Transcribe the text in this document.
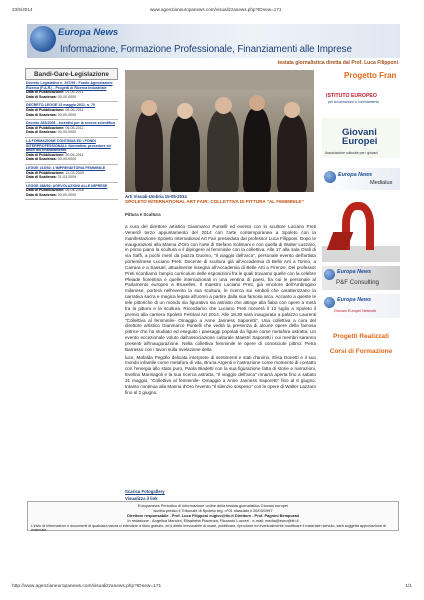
23/5/2014	www.agenzianeuropanews.com/visualizzanews.php?IDnew=171
Europa News
Informazione, Formazione Professionale, Finanziamenti alle Imprese
testata giornalistica diretta dal Prof. Luca Filipponi
Bandi-Gare-Legislazione
Decreto Legislativo n. 297/99 - Fondo Agevolazioni Ricerca (F.A.R.) - Progetti di Ricerca Industriale
Data di Pubblicazione: 09-06-2011
Data di Scadenza: 00-00-0000
DECRETO-LEGGE 13 maggio 2011, n. 70
Data di Pubblicazione: 06-06-2011
Data di Scadenza: 00-00-0000
Decreto 283/2008 - Incentivi per la ricerca scientifica
Data di Pubblicazione: 06-06-2011
Data di Scadenza: 00-00-0000
LA FORMAZIONE CONTINUA ED I FONDI INTERPROFESSIONALI: Normativa, procedure ed attori del finanziamento
Data di Pubblicazione: 30-05-2011
Data di Scadenza: 00-00-0000
LEGGE 215/92: L'IMPRENDITORIA FEMMINILE
Data di Pubblicazione: 13-03-2009
Data di Scadenza: 31-03-2009
LEGGE 488/92: AGEVOLAZIONI ALLE IMPRESE
Data di Pubblicazione: 06-04-2008
Data di Scadenza: 00-00-0000	Arti Visuali-Umbria 15-05-2014
SPOLETO INTERNATIONAL ART FAIR: COLLETTIVA DI PITTURA "AL FEMMINILE"
Pittura e Scultura

a cura del direttore artistico Gianmarco Puntelli ed evento con lo scultore Luciano Preti Venerdì terzo appuntamento del 2014 con l'arte contemporanea a Spoleto con la manifestazione Spoleto International Art Fair presieduta dal professor Luca Filipponi. Dopo le inaugurazioni alla Manna d'Oro con l'arte di Stefano Solimani e con quella di Walter Lazzaro, in primo piano la scultura e il dipingere al femminile con la collettiva. Alle 17 alla sala Orafi di via Saffi, a pochi metri da piazza Duomo, "Il viaggio dell'arca", personale evento dell'artista portemilnese Luciano Preti. Docente di scultura già all'Accademia di Belle Arti a Torino, a Carrara e a Sassari, attualmente insegna all'Accademia di Belle Arti a Firenze. Del professor Preti ricordiamo l'ampio curriculum delle esposizioni fra le quali troviamo quelle con la celebre Pleiade fiorentina e quelle internazionali in una ventina di paesi, fra cui le personale al Parlamento europeo a Bruxelles. Il maestro Luciano Preti, già vincitore dell'Ambrogino milanese, porterà nell'evento la sua scultura, le ricerca sui simboli che caratterizzano la narrativa sacra e megica legata all'uomo a partire dalla sua famosa arca. Accanto a queste le tele pittoriche di un mondo sia figurativo sia astratto che attinge alla fiaba con opere a metà fra la pittura e la scultura. Ricordiamo che Luciano Preti riceverà il 12 luglio a Spoleto il premio alla carriera Spoleto Festival Art 2014. Alle 18.30 sarà inaugurata a palazzo Laurenti "Collettiva al femminile- Omaggio a Anne Janness Saporetti". Una collettiva a cura del direttore artistico Gianmarco Puntelli che vedrà la presenza di alcune opere della famosa pittrice che ha studiato ed eseguito i paesaggi popolati da figure come metafora astratta. Un evento eccezionale voluto dall'associazione culturale Maestri Saporetti i cui membri saranno presenti all'inaugurazione. Nella collettiva femminile le opere di conosciute pittrici: Petra Barrasso con i lavori sulla rivelazione della

luce, Mafalda Pegollo delicata interprete di sentimenti e stati d'animo, Elisa Donetti e il suo mondo infantile come metafora di vita, Bruna Argenti e l'astrazione come momento di contatto con l'energia allo stato puro, Paola Biadetti con la sua figurazione fatta di storie e narrazioni, Evelina Marinagoli e la sua ricerca astratta, "Il viaggio dell'arca" rimarrà aperta fino a sabato 31 maggio, "Collettiva al femminile- Omaggio a Anne Janness Saporetti" fino al 6 giugno. Intanto continua alla Manna d'Oro l'evento "Il silenzio sospeso" con le opere di Walter Lazzaro fino al 2 giugno.

Scarica Fotogallery
Visualizza il link
Europanews Periodico di informazione online della testata giornalistica Giovani europei
iscritta presso il Tribunale di Spoleto reg. n°01 rilasciato il 20/03/1997
Direttore responsabile - Prof. Luca Filipponi eugiov@tin.it Direttore - Prof. Pagnini Bemporad
In redazione - Angelica Mancini, Elisabetta Piacenza, Riccardo Lucceri - e-mail: media@euro@tin.it
L'invio di informazioni e documenti di qualsiasi natura ci intendere a titolo gratuito, ed il diritto irrevocabile di usare, pubblicare, riprodurre ed eventualmente modificare il materiale ricevuto, sarà soggetta approvazione di materiale.
Progetto Fran
ISTITUTO EUROPEO
per la formazione e l'orientamento
Giovani Europei
Associazione culturale per i giovani
Europa News
Medialux
Europa News
P&F Consulting
Europa News
Giovani Europei Network
Progetti Realizzati
Corsi di Formazione
http://www.agenzianeuropanews.com/visualizzanews.php?IDnew=171	1/1
